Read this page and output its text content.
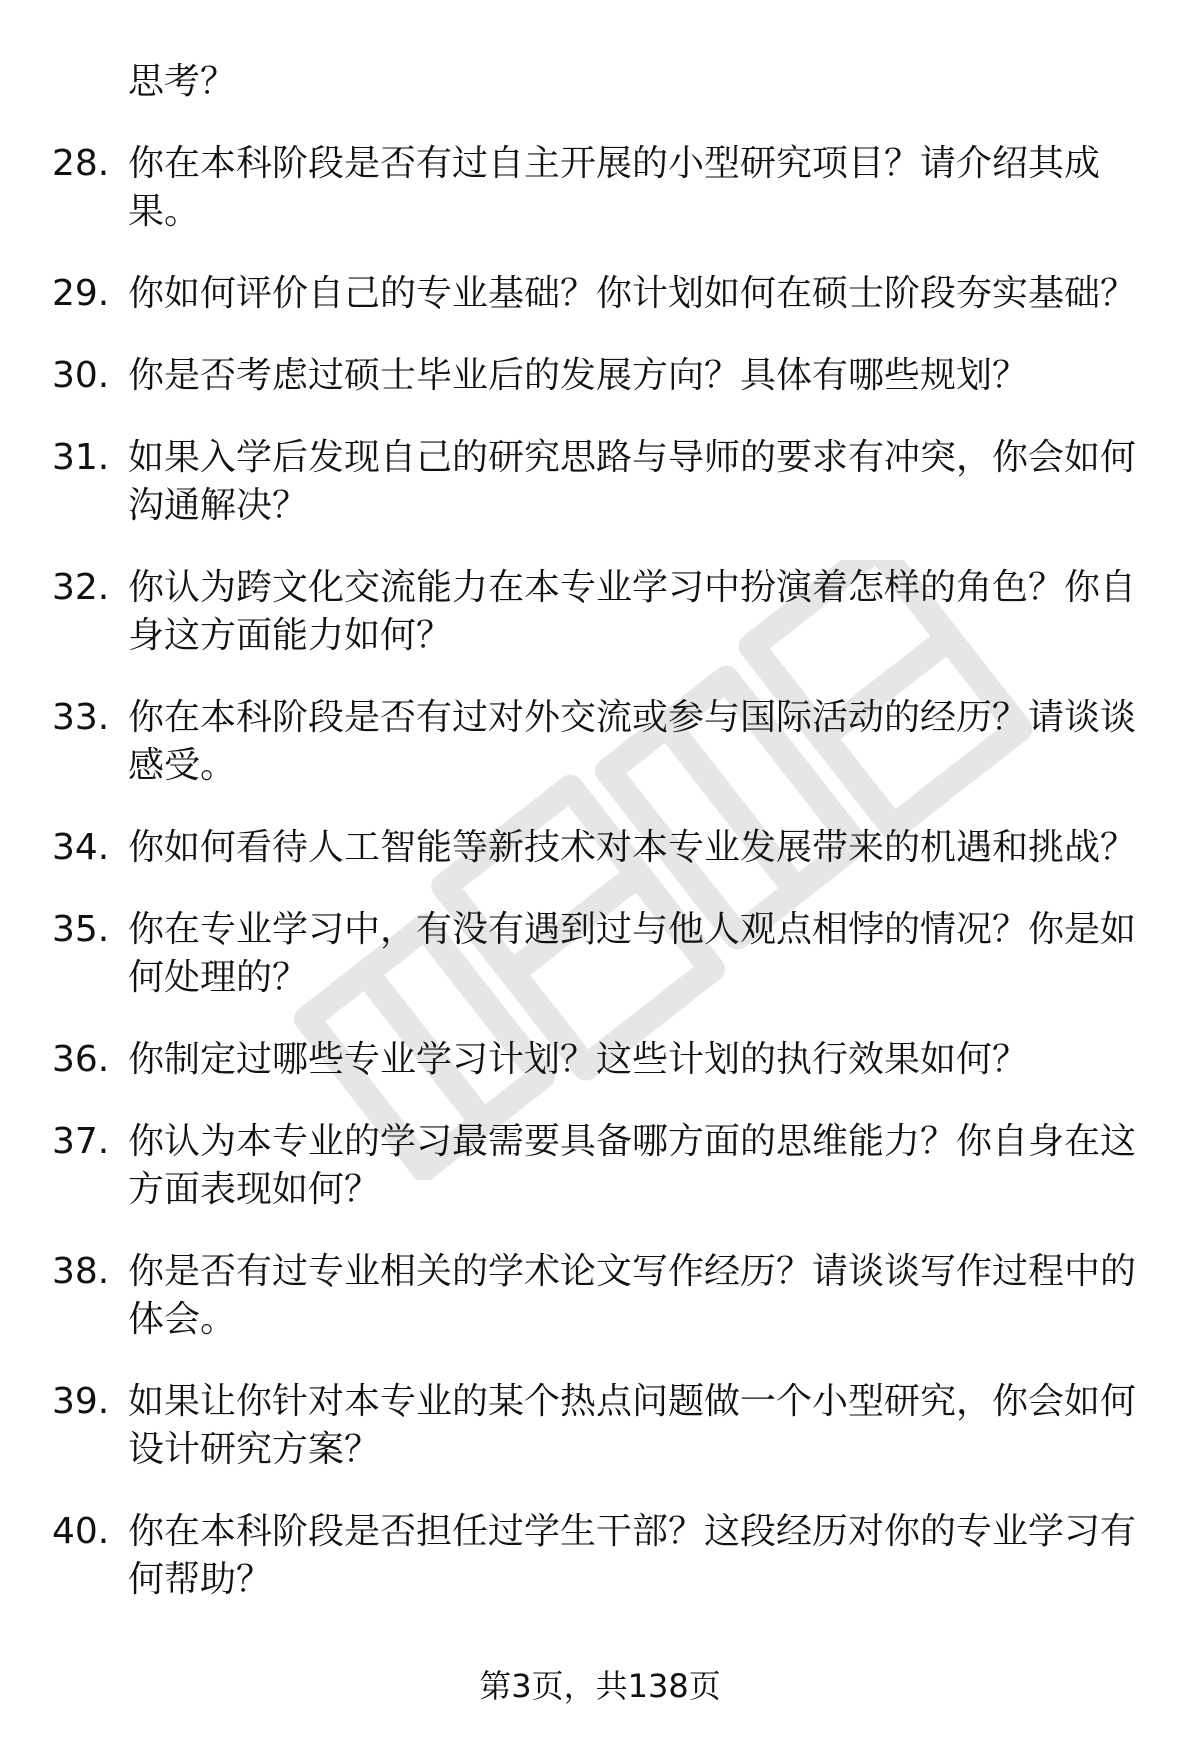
思考？
28. 你在本科阶段是否有过自主开展的小型研究项目？请介绍其成果。
29. 你如何评价自己的专业基础？你计划如何在硕士阶段夯实基础？
30. 你是否考虑过硕士毕业后的发展方向？具体有哪些规划？
31. 如果入学后发现自己的研究思路与导师的要求有冲突，你会如何沟通解决？
32. 你认为跨文化交流能力在本专业学习中扮演着怎样的角色？你自身这方面能力如何？
33. 你在本科阶段是否有过对外交流或参与国际活动的经历？请谈谈感受。
34. 你如何看待人工智能等新技术对本专业发展带来的机遇和挑战？
35. 你在专业学习中，有没有遇到过与他人观点相悖的情况？你是如何处理的？
36. 你制定过哪些专业学习计划？这些计划的执行效果如何？
37. 你认为本专业的学习最需要具备哪方面的思维能力？你自身在这方面表现如何？
38. 你是否有过专业相关的学术论文写作经历？请谈谈写作过程中的体会。
39. 如果让你针对本专业的某个热点问题做一个小型研究，你会如何设计研究方案？
40. 你在本科阶段是否担任过学生干部？这段经历对你的专业学习有何帮助？
第3页，共138页
